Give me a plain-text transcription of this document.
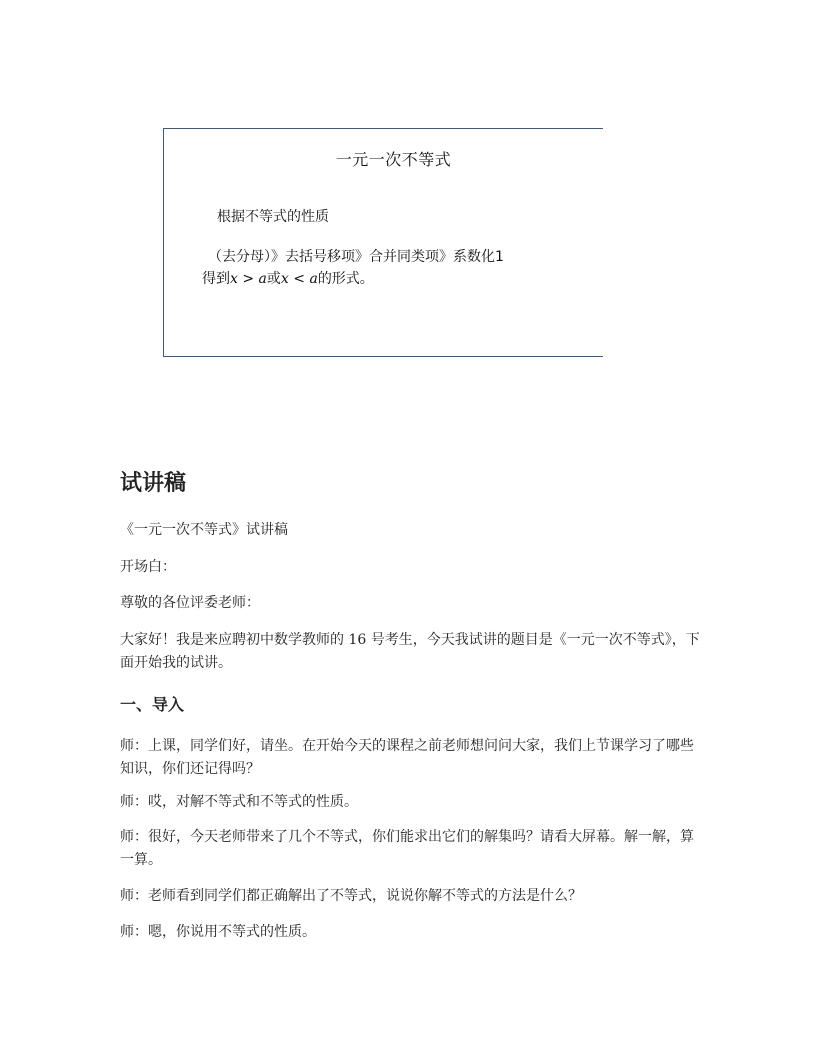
一元一次不等式
根据不等式的性质
（去分母）》去括号移项》合并同类项》系数化1
得到x > a或x < a的形式。
试讲稿
《一元一次不等式》试讲稿
开场白：
尊敬的各位评委老师：
大家好！我是来应聘初中数学教师的 16 号考生，今天我试讲的题目是《一元一次不等式》，下面开始我的试讲。
一、导入
师：上课，同学们好，请坐。在开始今天的课程之前老师想问问大家，我们上节课学习了哪些知识，你们还记得吗？
师：哎，对解不等式和不等式的性质。
师：很好，今天老师带来了几个不等式，你们能求出它们的解集吗？请看大屏幕。解一解，算一算。
师：老师看到同学们都正确解出了不等式，说说你解不等式的方法是什么？
师：嗯，你说用不等式的性质。
